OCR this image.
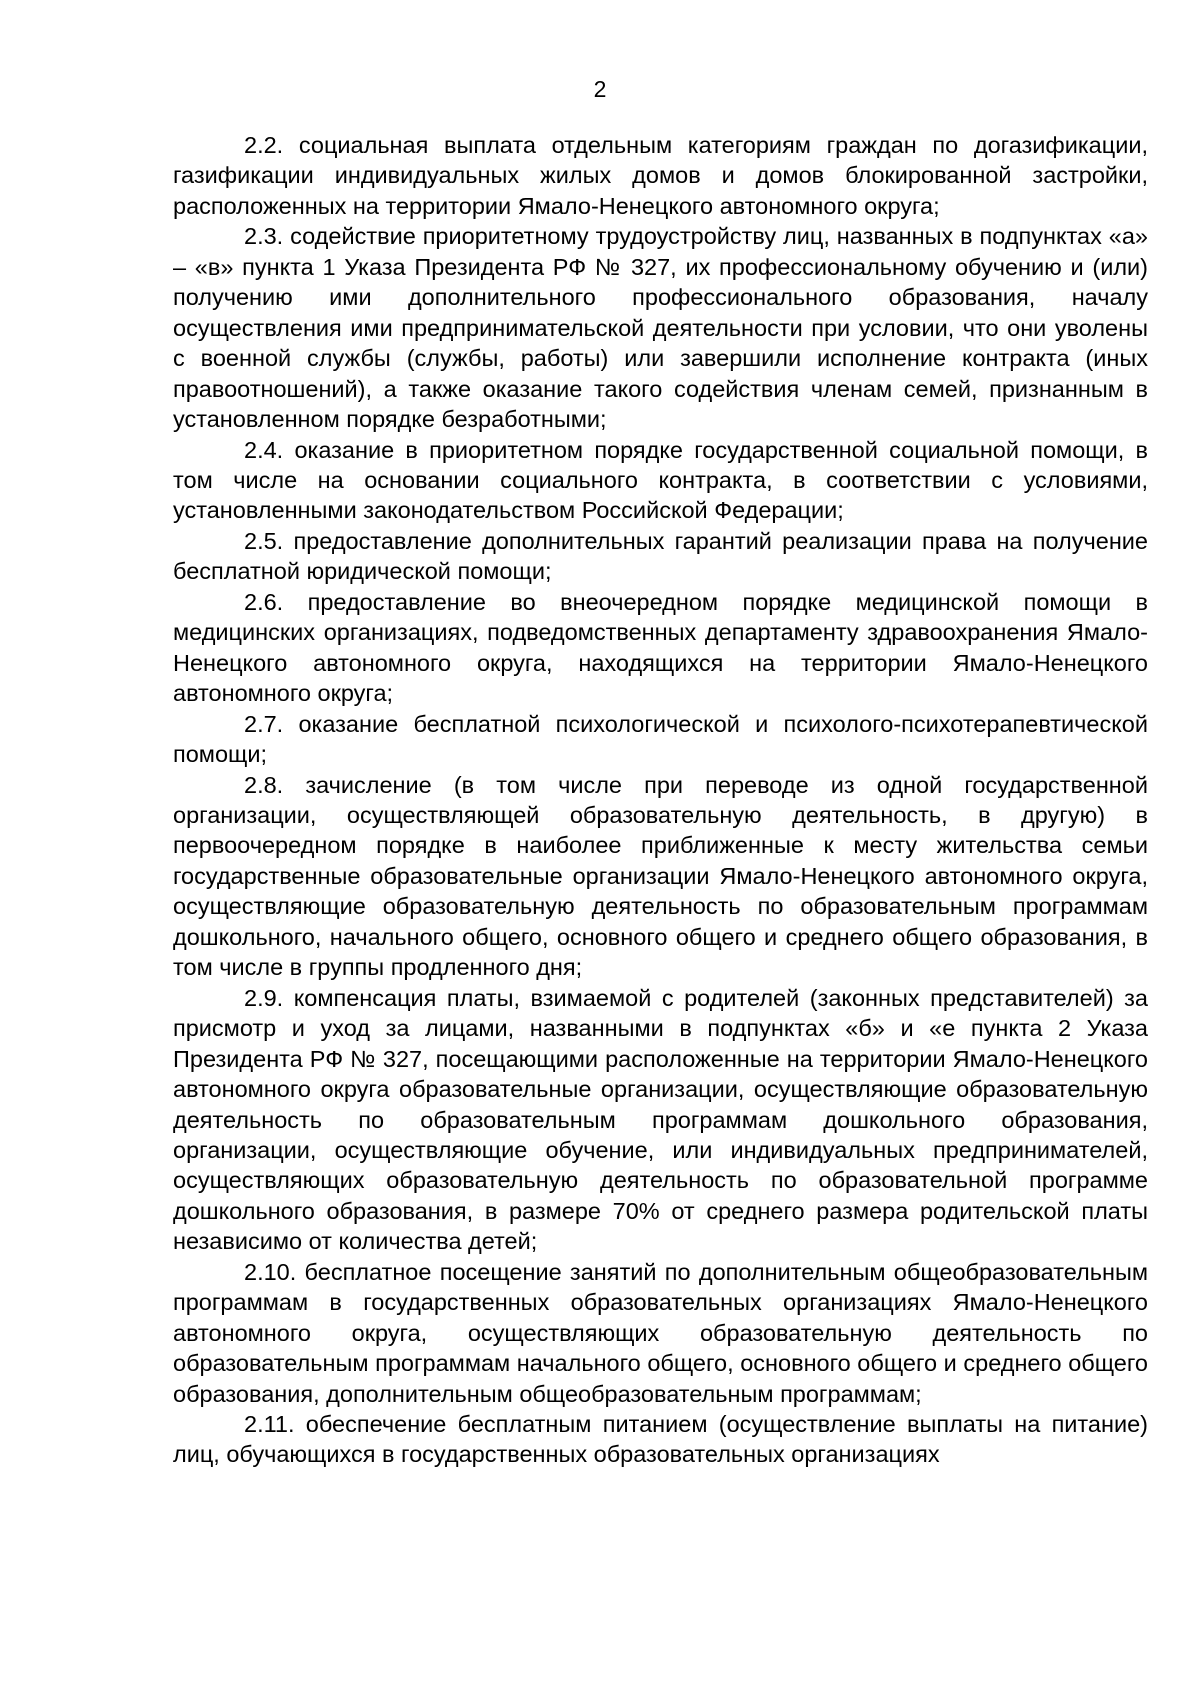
2

2.2. социальная выплата отдельным категориям граждан по догазификации, газификации индивидуальных жилых домов и домов блокированной застройки, расположенных на территории Ямало-Ненецкого автономного округа;

2.3. содействие приоритетному трудоустройству лиц, названных в подпунктах «а» – «в» пункта 1 Указа Президента РФ № 327, их профессиональному обучению и (или) получению ими дополнительного профессионального образования, началу осуществления ими предпринимательской деятельности при условии, что они уволены с военной службы (службы, работы) или завершили исполнение контракта (иных правоотношений), а также оказание такого содействия членам семей, признанным в установленном порядке безработными;

2.4. оказание в приоритетном порядке государственной социальной помощи, в том числе на основании социального контракта, в соответствии с условиями, установленными законодательством Российской Федерации;

2.5. предоставление дополнительных гарантий реализации права на получение бесплатной юридической помощи;

2.6. предоставление во внеочередном порядке медицинской помощи в медицинских организациях, подведомственных департаменту здравоохранения Ямало-Ненецкого автономного округа, находящихся на территории Ямало-Ненецкого автономного округа;

2.7. оказание бесплатной психологической и психолого-психотерапевтической помощи;

2.8. зачисление (в том числе при переводе из одной государственной организации, осуществляющей образовательную деятельность, в другую) в первоочередном порядке в наиболее приближенные к месту жительства семьи государственные образовательные организации Ямало-Ненецкого автономного округа, осуществляющие образовательную деятельность по образовательным программам дошкольного, начального общего, основного общего и среднего общего образования, в том числе в группы продленного дня;

2.9. компенсация платы, взимаемой с родителей (законных представителей) за присмотр и уход за лицами, названными в подпунктах «б» и «е пункта 2 Указа Президента РФ № 327, посещающими расположенные на территории Ямало-Ненецкого автономного округа образовательные организации, осуществляющие образовательную деятельность по образовательным программам дошкольного образования, организации, осуществляющие обучение, или индивидуальных предпринимателей, осуществляющих образовательную деятельность по образовательной программе дошкольного образования, в размере 70% от среднего размера родительской платы независимо от количества детей;

2.10. бесплатное посещение занятий по дополнительным общеобразовательным программам в государственных образовательных организациях Ямало-Ненецкого автономного округа, осуществляющих образовательную деятельность по образовательным программам начального общего, основного общего и среднего общего образования, дополнительным общеобразовательным программам;

2.11. обеспечение бесплатным питанием (осуществление выплаты на питание) лиц, обучающихся в государственных образовательных организациях
